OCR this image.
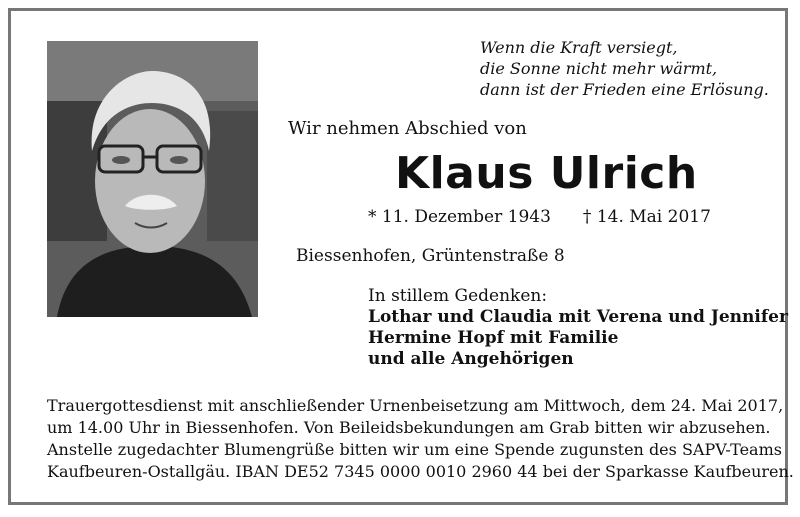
Wenn die Kraft versiegt,
die Sonne nicht mehr wärmt,
dann ist der Frieden eine Erlösung.
Wir nehmen Abschied von
Klaus Ulrich
* 11. Dezember 1943 † 14. Mai 2017
Biessenhofen, Grüntenstraße 8
In stillem Gedenken:
Lothar und Claudia mit Verena und Jennifer
Hermine Hopf mit Familie
und alle Angehörigen
Trauergottesdienst mit anschließender Urnenbeisetzung am Mittwoch, dem 24. Mai 2017,
um 14.00 Uhr in Biessenhofen. Von Beileidsbekundungen am Grab bitten wir abzusehen.
Anstelle zugedachter Blumengrüße bitten wir um eine Spende zugunsten des SAPV-Teams
Kaufbeuren-Ostallgäu. IBAN DE52 7345 0000 0010 2960 44 bei der Sparkasse Kaufbeuren.
